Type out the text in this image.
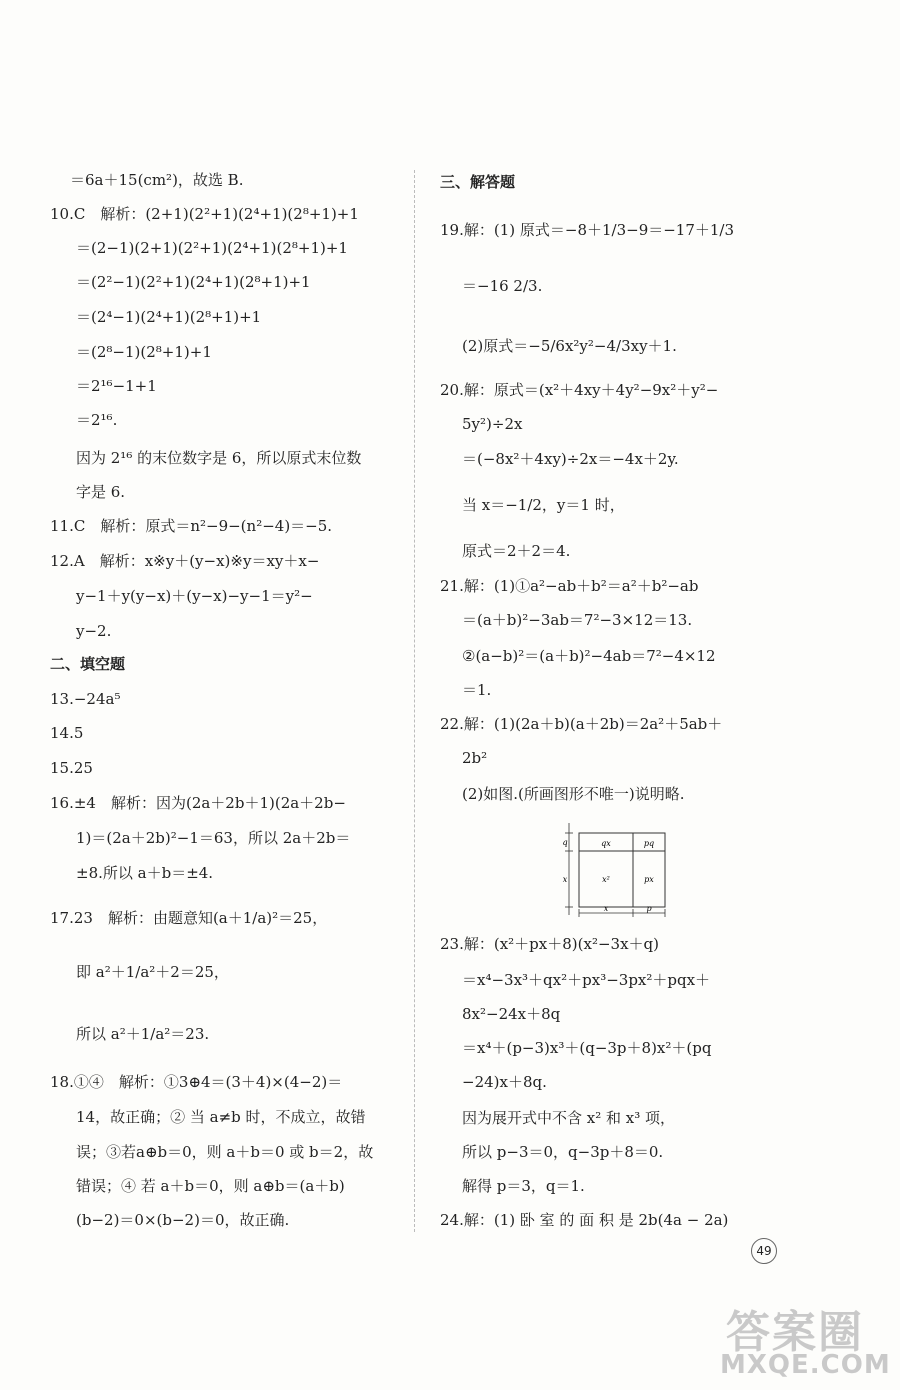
＝6a＋15(cm²)，故选 B.
10.C　解析：(2+1)(2²+1)(2⁴+1)(2⁸+1)+1
＝(2−1)(2+1)(2²+1)(2⁴+1)(2⁸+1)+1
＝(2²−1)(2²+1)(2⁴+1)(2⁸+1)+1
＝(2⁴−1)(2⁴+1)(2⁸+1)+1
＝(2⁸−1)(2⁸+1)+1
＝2¹⁶−1+1
＝2¹⁶.
因为 2¹⁶ 的末位数字是 6，所以原式末位数
字是 6.
11.C　解析：原式＝n²−9−(n²−4)＝−5.
12.A　解析：x※y＋(y−x)※y＝xy＋x−
y−1＋y(y−x)＋(y−x)−y−1＝y²−
y−2.
二、填空题
13.−24a⁵
14.5
15.25
16.±4　解析：因为(2a＋2b＋1)(2a＋2b−
1)＝(2a＋2b)²−1＝63，所以 2a＋2b＝
±8.所以 a＋b＝±4.
17.23　解析：由题意知(a＋1/a)²＝25，
即 a²＋1/a²＋2＝25，
所以 a²＋1/a²＝23.
18.①④　解析：①3⊕4＝(3＋4)×(4−2)＝
14，故正确；② 当 a≠b 时，不成立，故错
误；③若a⊕b＝0，则 a＋b＝0 或 b＝2，故
错误；④ 若 a＋b＝0，则 a⊕b＝(a＋b)
(b−2)＝0×(b−2)＝0，故正确.
三、解答题
19.解：(1) 原式＝−8＋1/3−9＝−17＋1/3
＝−16 2/3.
(2)原式＝−5/6x²y²−4/3xy＋1.
20.解：原式＝(x²＋4xy＋4y²−9x²＋y²−
5y²)÷2x
＝(−8x²＋4xy)÷2x＝−4x＋2y.
当 x＝−1/2，y＝1 时，
原式＝2＋2＝4.
21.解：(1)①a²−ab＋b²＝a²＋b²−ab
＝(a＋b)²−3ab＝7²−3×12＝13.
②(a−b)²＝(a＋b)²−4ab＝7²−4×12
＝1.
22.解：(1)(2a＋b)(a＋2b)＝2a²＋5ab＋
2b²
(2)如图.(所画图形不唯一)说明略.
23.解：(x²＋px＋8)(x²−3x＋q)
＝x⁴−3x³＋qx²＋px³−3px²＋pqx＋
8x²−24x＋8q
＝x⁴＋(p−3)x³＋(q−3p＋8)x²＋(pq
−24)x＋8q.
因为展开式中不含 x² 和 x³ 项，
所以 p−3＝0，q−3p＋8＝0.
解得 p＝3，q＝1.
24.解：(1) 卧 室 的 面 积 是 2b(4a − 2a)
qx	pq
x²	px
q
x
x	p
49
答案圈
MXQE.COM
